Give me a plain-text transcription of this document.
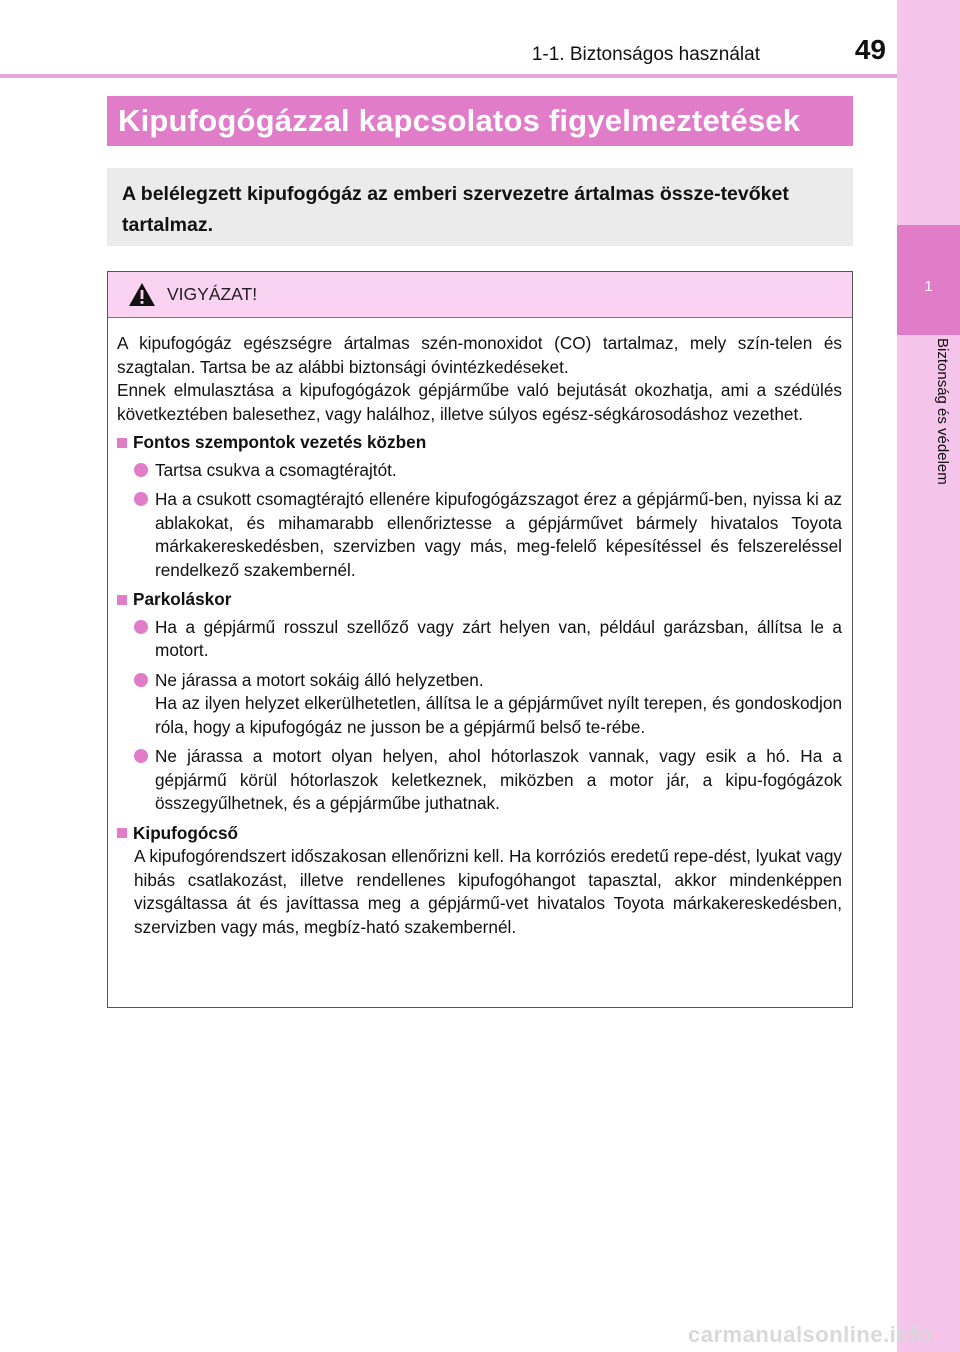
1
Biztonság és védelem
1-1. Biztonságos használat	49
Kipufogógázzal kapcsolatos figyelmeztetések
A belélegzett kipufogógáz az emberi szervezetre ártalmas össze-tevőket tartalmaz.
VIGYÁZAT!

A kipufogógáz egészségre ártalmas szén-monoxidot (CO) tartalmaz, mely szín-telen és szagtalan. Tartsa be az alábbi biztonsági óvintézkedéseket.

Ennek elmulasztása a kipufogógázok gépjárműbe való bejutását okozhatja, ami a szédülés következtében balesethez, vagy halálhoz, illetve súlyos egész-ségkárosodáshoz vezethet.

Fontos szempontok vezetés közben
Tartsa csukva a csomagtérajtót.
Ha a csukott csomagtérajtó ellenére kipufogógázszagot érez a gépjármű-ben, nyissa ki az ablakokat, és mihamarabb ellenőriztesse a gépjárművet bármely hivatalos Toyota márkakereskedésben, szervizben vagy más, meg-felelő képesítéssel és felszereléssel rendelkező szakembernél.
Parkoláskor
Ha a gépjármű rosszul szellőző vagy zárt helyen van, például garázsban, állítsa le a motort.
Ne járassa a motort sokáig álló helyzetben.
Ha az ilyen helyzet elkerülhetetlen, állítsa le a gépjárművet nyílt terepen, és gondoskodjon róla, hogy a kipufogógáz ne jusson be a gépjármű belső te-rébe.
Ne járassa a motort olyan helyen, ahol hótorlaszok vannak, vagy esik a hó. Ha a gépjármű körül hótorlaszok keletkeznek, miközben a motor jár, a kipu-fogógázok összegyűlhetnek, és a gépjárműbe juthatnak.
Kipufogócső
A kipufogórendszert időszakosan ellenőrizni kell. Ha korróziós eredetű repe-dést, lyukat vagy hibás csatlakozást, illetve rendellenes kipufogóhangot tapasztal, akkor mindenképpen vizsgáltassa át és javíttassa meg a gépjármű-vet hivatalos Toyota márkakereskedésben, szervizben vagy más, megbíz-ható szakembernél.
carmanualsonline.info
